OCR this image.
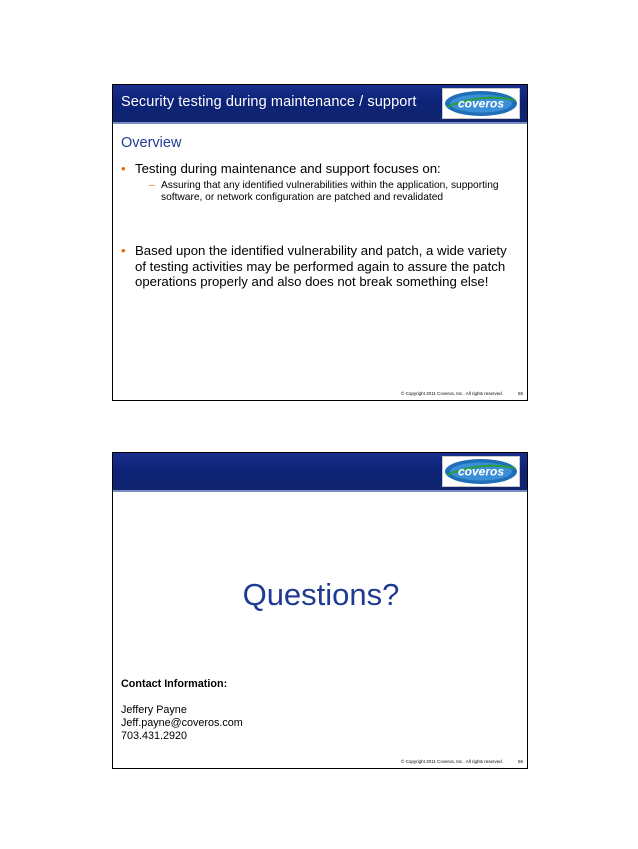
Security testing during maintenance / support	coveros
Overview
• Testing during maintenance and support focuses on:
– Assuring that any identified vulnerabilities within the application, supporting software, or network configuration are patched and revalidated
• Based upon the identified vulnerability and patch, a wide variety of testing activities may be performed again to assure the patch operations properly and also does not break something else!
© Copyright 2011 Coveros, Inc.. All rights reserved.	55
coveros
Questions?
Contact Information:
Jeffery Payne
Jeff.payne@coveros.com
703.431.2920
© Copyright 2011 Coveros, Inc.. All rights reserved.	56
